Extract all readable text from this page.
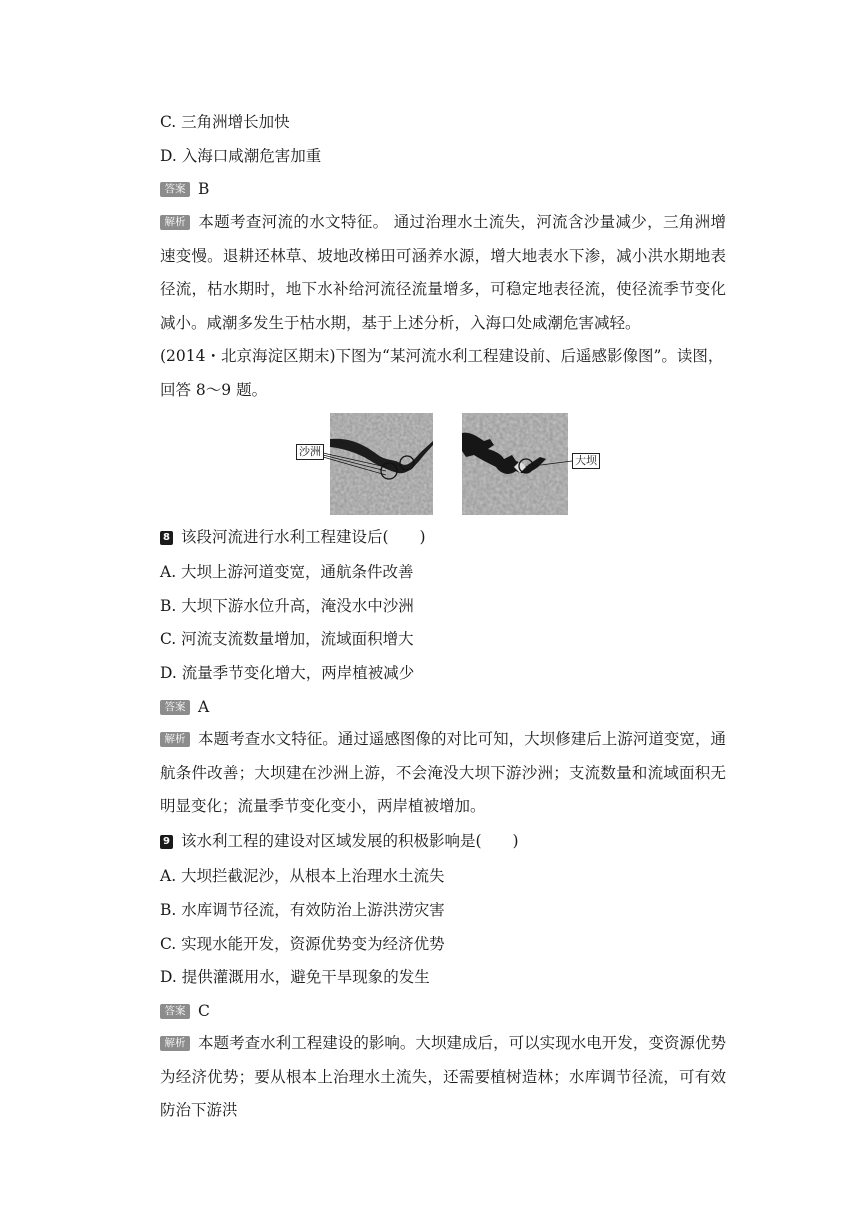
C. 三角洲增长加快
D. 入海口咸潮危害加重
答案 B
解析 本题考查河流的水文特征。 通过治理水土流失，河流含沙量减少，三角洲增速变慢。退耕还林草、坡地改梯田可涵养水源，增大地表水下渗，减小洪水期地表径流，枯水期时，地下水补给河流径流量增多，可稳定地表径流，使径流季节变化减小。咸潮多发生于枯水期，基于上述分析，入海口处咸潮危害减轻。
(2014・北京海淀区期末)下图为“某河流水利工程建设前、后遥感影像图”。读图，回答 8～9 题。
沙洲
大坝
8 该段河流进行水利工程建设后(　　)
A. 大坝上游河道变宽，通航条件改善
B. 大坝下游水位升高，淹没水中沙洲
C. 河流支流数量增加，流域面积增大
D. 流量季节变化增大，两岸植被减少
答案 A
解析 本题考查水文特征。通过遥感图像的对比可知，大坝修建后上游河道变宽，通航条件改善；大坝建在沙洲上游，不会淹没大坝下游沙洲；支流数量和流域面积无明显变化；流量季节变化变小，两岸植被增加。
9 该水利工程的建设对区域发展的积极影响是(　　)
A. 大坝拦截泥沙，从根本上治理水土流失
B. 水库调节径流，有效防治上游洪涝灾害
C. 实现水能开发，资源优势变为经济优势
D. 提供灌溉用水，避免干旱现象的发生
答案 C
解析 本题考查水利工程建设的影响。大坝建成后，可以实现水电开发，变资源优势为经济优势；要从根本上治理水土流失，还需要植树造林；水库调节径流，可有效防治下游洪
